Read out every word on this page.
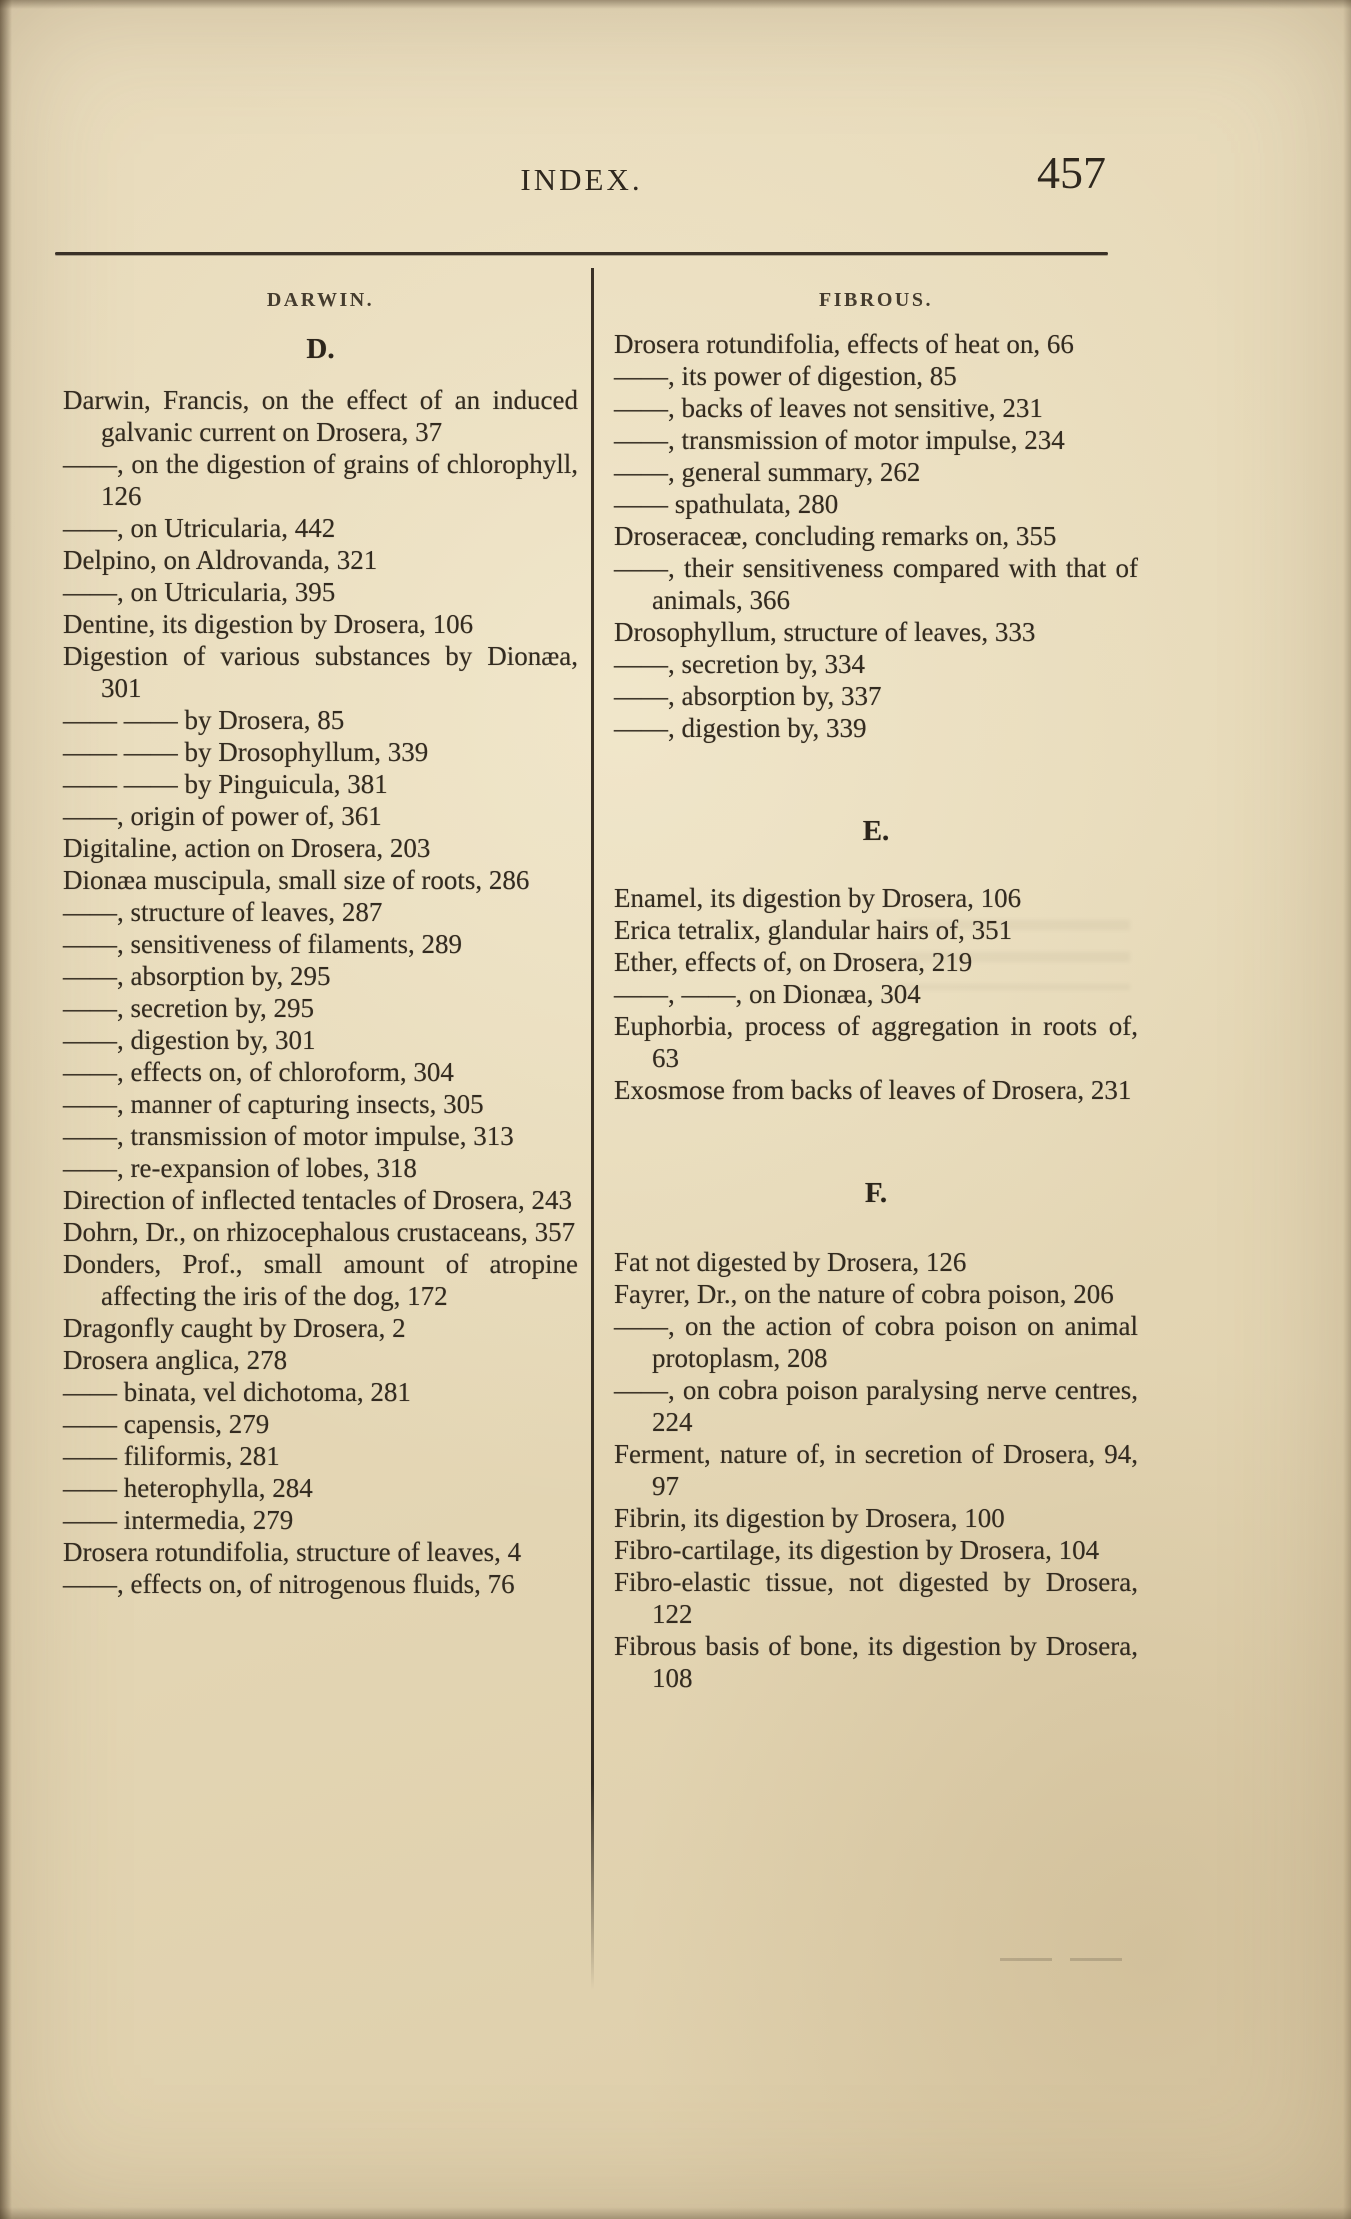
INDEX.	457
DARWIN.
D.

Darwin, Francis, on the effect of an induced galvanic current on Drosera, 37

——, on the digestion of grains of chlorophyll, 126

——, on Utricularia, 442

Delpino, on Aldrovanda, 321

——, on Utricularia, 395

Dentine, its digestion by Drosera, 106

Digestion of various substances by Dionæa, 301

—— —— by Drosera, 85

—— —— by Drosophyllum, 339

—— —— by Pinguicula, 381

——, origin of power of, 361

Digitaline, action on Drosera, 203

Dionæa muscipula, small size of roots, 286

——, structure of leaves, 287

——, sensitiveness of filaments, 289

——, absorption by, 295

——, secretion by, 295

——, digestion by, 301

——, effects on, of chloroform, 304

——, manner of capturing insects, 305

——, transmission of motor impulse, 313

——, re-expansion of lobes, 318

Direction of inflected tentacles of Drosera, 243

Dohrn, Dr., on rhizocephalous crustaceans, 357

Donders, Prof., small amount of atropine affecting the iris of the dog, 172

Dragonfly caught by Drosera, 2

Drosera anglica, 278

—— binata, vel dichotoma, 281

—— capensis, 279

—— filiformis, 281

—— heterophylla, 284

—— intermedia, 279

Drosera rotundifolia, structure of leaves, 4

——, effects on, of nitrogenous fluids, 76

FIBROUS.

Drosera rotundifolia, effects of heat on, 66

——, its power of digestion, 85

——, backs of leaves not sensitive, 231

——, transmission of motor impulse, 234

——, general summary, 262

—— spathulata, 280

Droseraceæ, concluding remarks on, 355

——, their sensitiveness compared with that of animals, 366

Drosophyllum, structure of leaves, 333

——, secretion by, 334

——, absorption by, 337

——, digestion by, 339

E.

Enamel, its digestion by Drosera, 106

Erica tetralix, glandular hairs of, 351

Ether, effects of, on Drosera, 219

——, ——, on Dionæa, 304

Euphorbia, process of aggregation in roots of, 63

Exosmose from backs of leaves of Drosera, 231

F.

Fat not digested by Drosera, 126

Fayrer, Dr., on the nature of cobra poison, 206

——, on the action of cobra poison on animal protoplasm, 208

——, on cobra poison paralysing nerve centres, 224

Ferment, nature of, in secretion of Drosera, 94, 97

Fibrin, its digestion by Drosera, 100

Fibro-cartilage, its digestion by Drosera, 104

Fibro-elastic tissue, not digested by Drosera, 122

Fibrous basis of bone, its digestion by Drosera, 108
